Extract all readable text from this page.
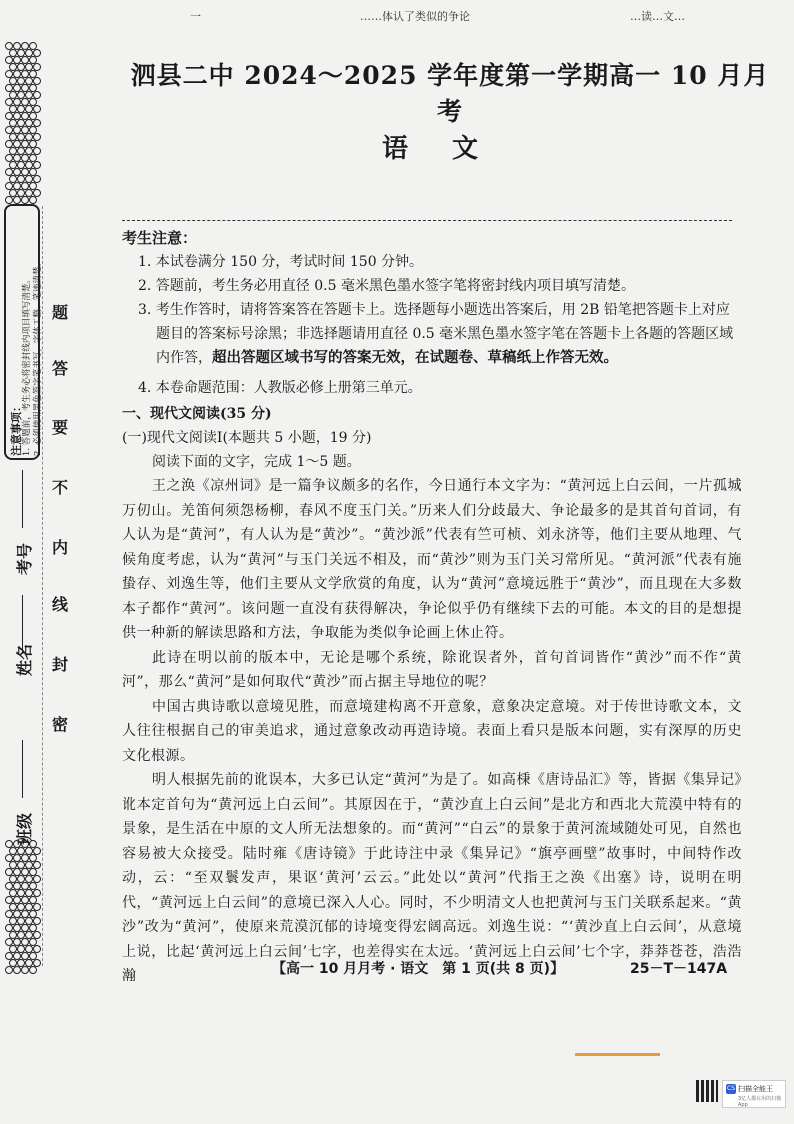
一	……体认了类似的争论	…读…文…
注意事项： 1. 答题前，考生务必将密封线内项目填写清楚。 2. 必须使用黑色签字笔书写，字体工整、笔迹清楚。
密
封
线
内
不
要
答
题
班级
姓名
考号
泗县二中 2024～2025 学年度第一学期高一 10 月月考
语 文
考生注意：
1. 本试卷满分 150 分，考试时间 150 分钟。
2. 答题前，考生务必用直径 0.5 毫米黑色墨水签字笔将密封线内项目填写清楚。
3. 考生作答时，请将答案答在答题卡上。选择题每小题选出答案后，用 2B 铅笔把答题卡上对应题目的答案标号涂黑；非选择题请用直径 0.5 毫米黑色墨水签字笔在答题卡上各题的答题区域内作答，超出答题区域书写的答案无效，在试题卷、草稿纸上作答无效。
4. 本卷命题范围：人教版必修上册第三单元。
一、现代文阅读(35 分)
(一)现代文阅读Ⅰ(本题共 5 小题，19 分)
阅读下面的文字，完成 1～5 题。

王之涣《凉州词》是一篇争议颇多的名作，今日通行本文字为：“黄河远上白云间，一片孤城万仞山。羌笛何须怨杨柳，春风不度玉门关。”历来人们分歧最大、争论最多的是其首句首词，有人认为是“黄河”，有人认为是“黄沙”。“黄沙派”代表有竺可桢、刘永济等，他们主要从地理、气候角度考虑，认为“黄河”与玉门关远不相及，而“黄沙”则为玉门关习常所见。“黄河派”代表有施蛰存、刘逸生等，他们主要从文学欣赏的角度，认为“黄河”意境远胜于“黄沙”，而且现在大多数本子都作“黄河”。该问题一直没有获得解决，争论似乎仍有继续下去的可能。本文的目的是想提供一种新的解读思路和方法，争取能为类似争论画上休止符。

此诗在明以前的版本中，无论是哪个系统，除讹误者外，首句首词皆作“黄沙”而不作“黄河”，那么“黄河”是如何取代“黄沙”而占据主导地位的呢？

中国古典诗歌以意境见胜，而意境建构离不开意象，意象决定意境。对于传世诗歌文本，文人往往根据自己的审美追求，通过意象改动再造诗境。表面上看只是版本问题，实有深厚的历史文化根源。

明人根据先前的讹误本，大多已认定“黄河”为是了。如高棅《唐诗品汇》等，皆据《集异记》讹本定首句为“黄河远上白云间”。其原因在于，“黄沙直上白云间”是北方和西北大荒漠中特有的景象，是生活在中原的文人所无法想象的。而“黄河”“白云”的景象于黄河流域随处可见，自然也容易被大众接受。陆时雍《唐诗镜》于此诗注中录《集异记》“旗亭画壁”故事时，中间特作改动，云：“至双鬟发声，果讴‘黄河’云云。”此处以“黄河”代指王之涣《出塞》诗，说明在明代，“黄河远上白云间”的意境已深入人心。同时，不少明清文人也把黄河与玉门关联系起来。“黄沙”改为“黄河”，使原来荒漠沉郁的诗境变得宏阔高远。刘逸生说：“‘黄沙直上白云间’，从意境上说，比起‘黄河远上白云间’七字，也差得实在太远。‘黄河远上白云间’七个字，莽莽苍苍，浩浩瀚	【高一 10 月月考 · 语文　第 1 页(共 8 页)】	25－T－147A
CS 扫描全能王
3亿人都在用的扫描App
